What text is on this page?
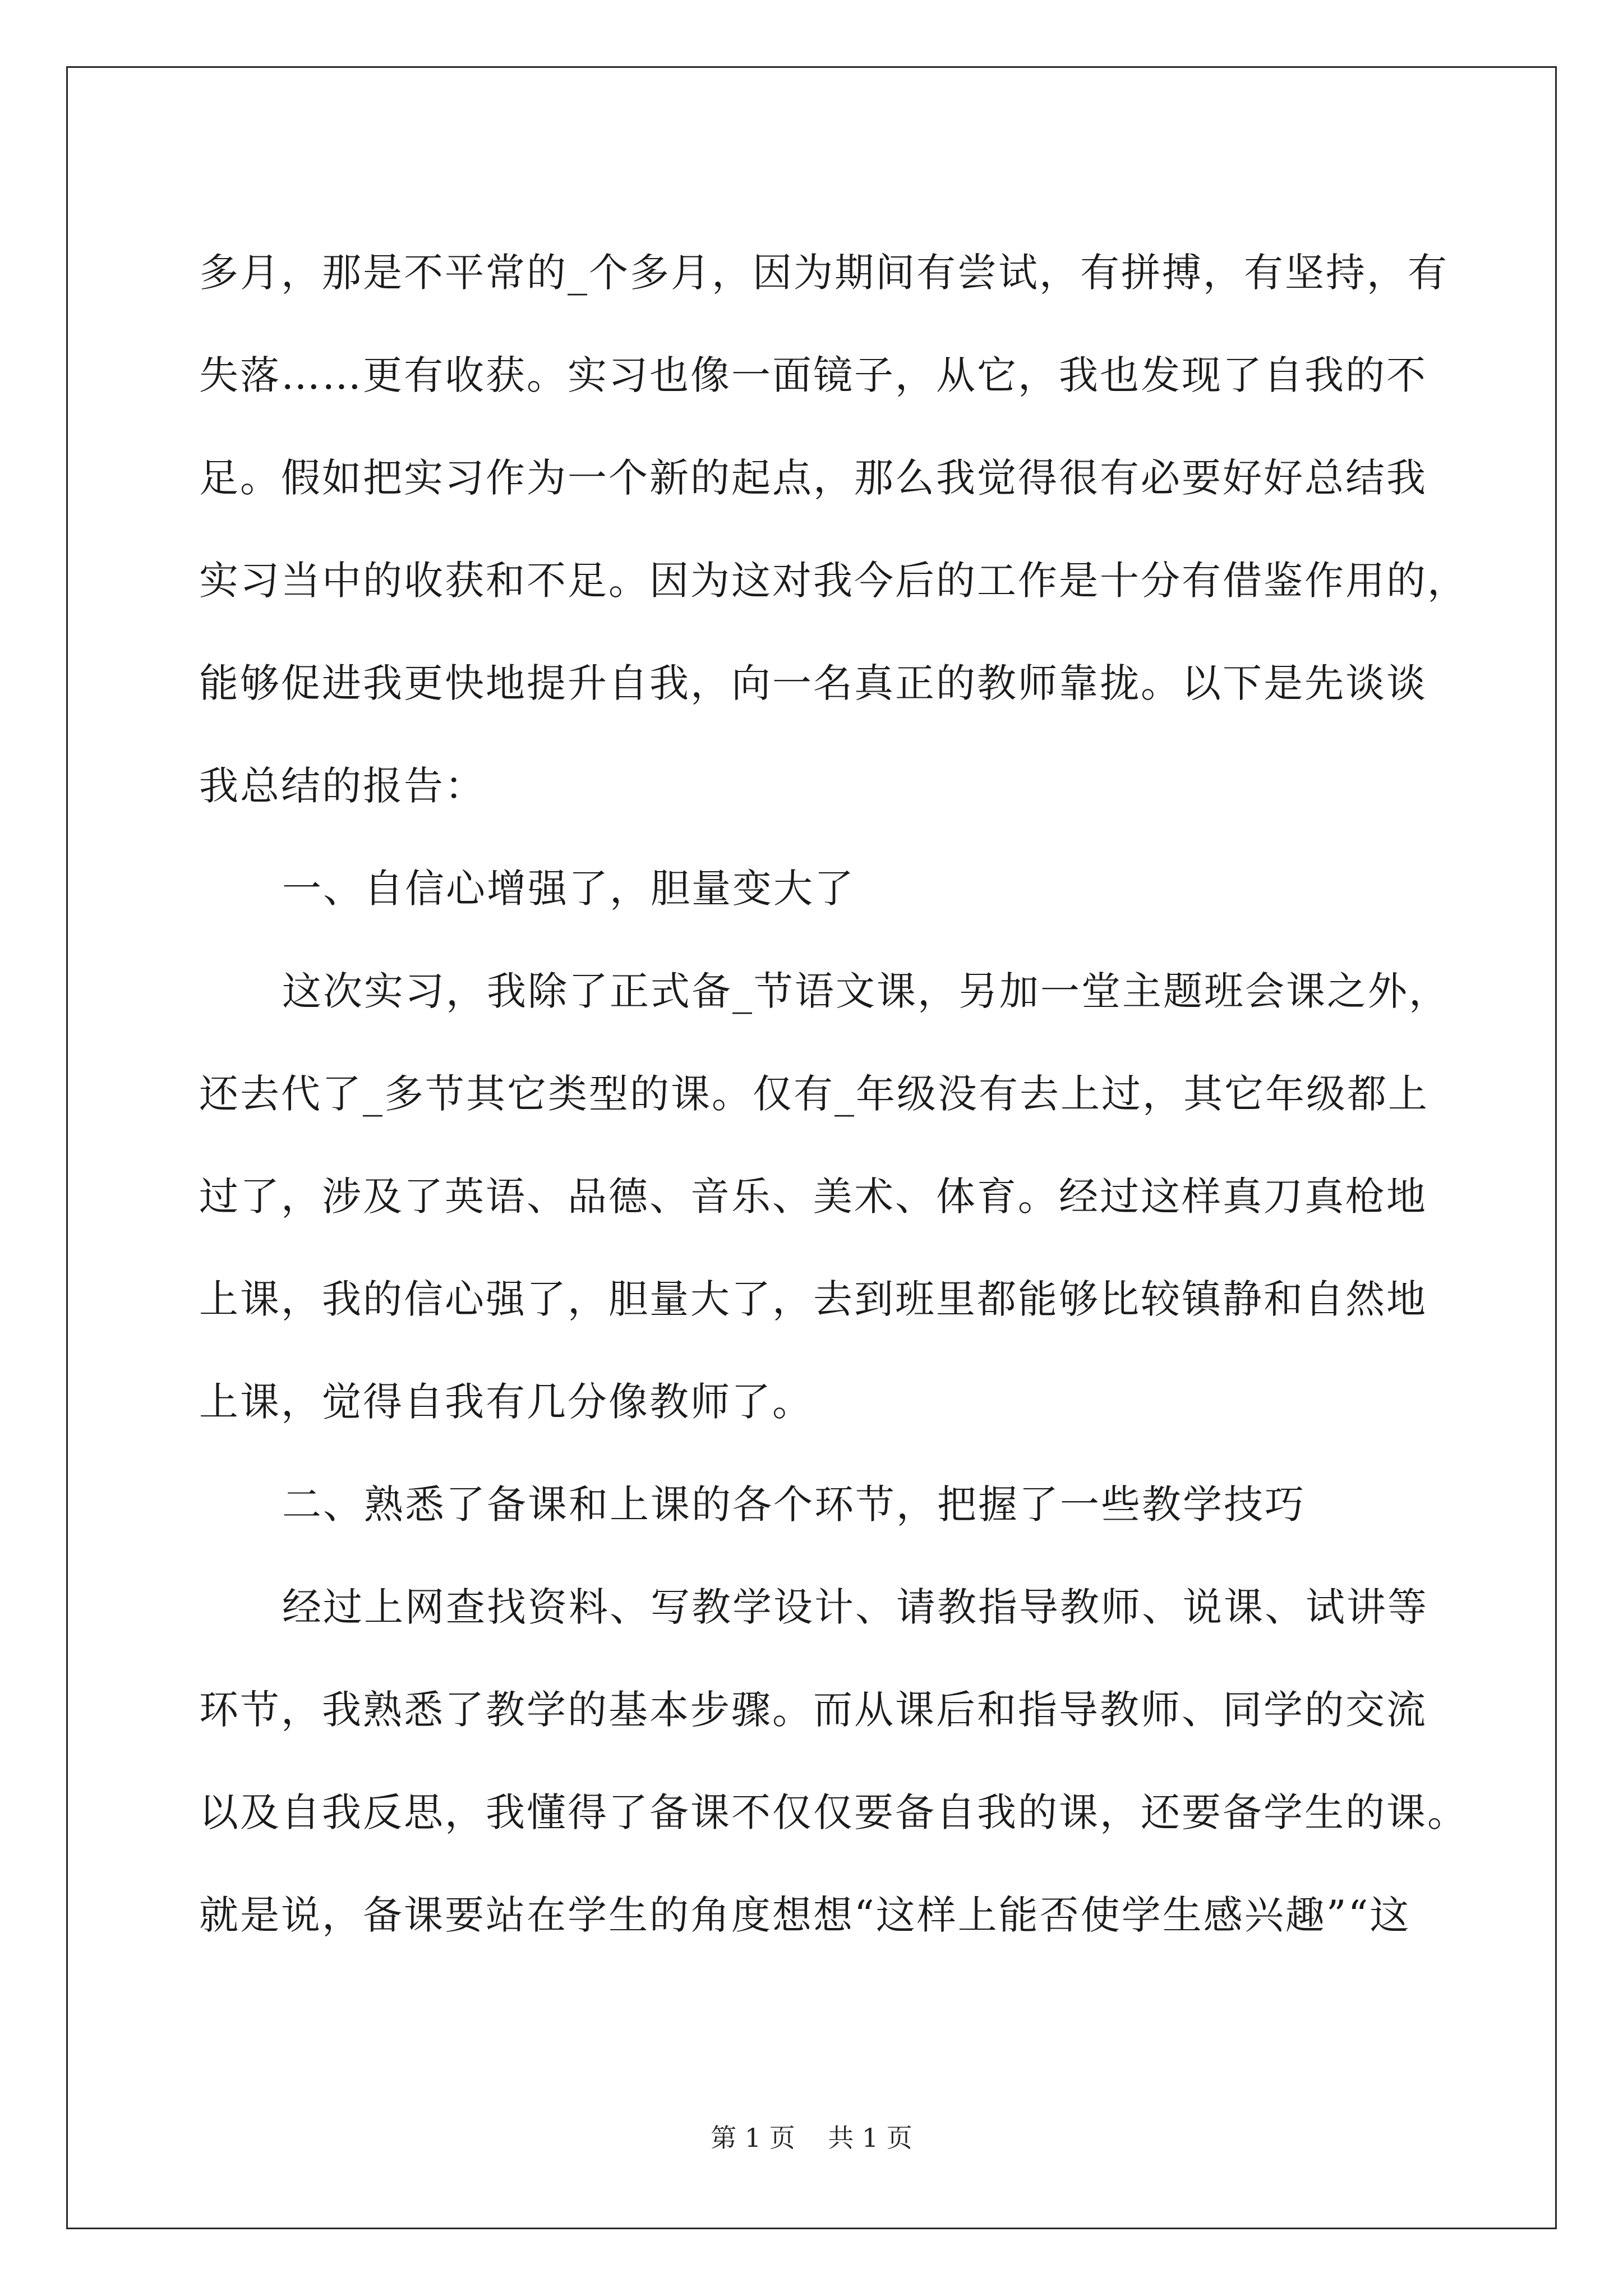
多月，那是不平常的_个多月，因为期间有尝试，有拼搏，有坚持，有
失落……更有收获。实习也像一面镜子，从它，我也发现了自我的不
足。假如把实习作为一个新的起点，那么我觉得很有必要好好总结我
实习当中的收获和不足。因为这对我今后的工作是十分有借鉴作用的，
能够促进我更快地提升自我，向一名真正的教师靠拢。以下是先谈谈
我总结的报告：
一、自信心增强了，胆量变大了
这次实习，我除了正式备_节语文课，另加一堂主题班会课之外，
还去代了_多节其它类型的课。仅有_年级没有去上过，其它年级都上
过了，涉及了英语、品德、音乐、美术、体育。经过这样真刀真枪地
上课，我的信心强了，胆量大了，去到班里都能够比较镇静和自然地
上课，觉得自我有几分像教师了。
二、熟悉了备课和上课的各个环节，把握了一些教学技巧
经过上网查找资料、写教学设计、请教指导教师、说课、试讲等
环节，我熟悉了教学的基本步骤。而从课后和指导教师、同学的交流
以及自我反思，我懂得了备课不仅仅要备自我的课，还要备学生的课。
就是说，备课要站在学生的角度想想“这样上能否使学生感兴趣”“这
第 1 页    共 1 页
